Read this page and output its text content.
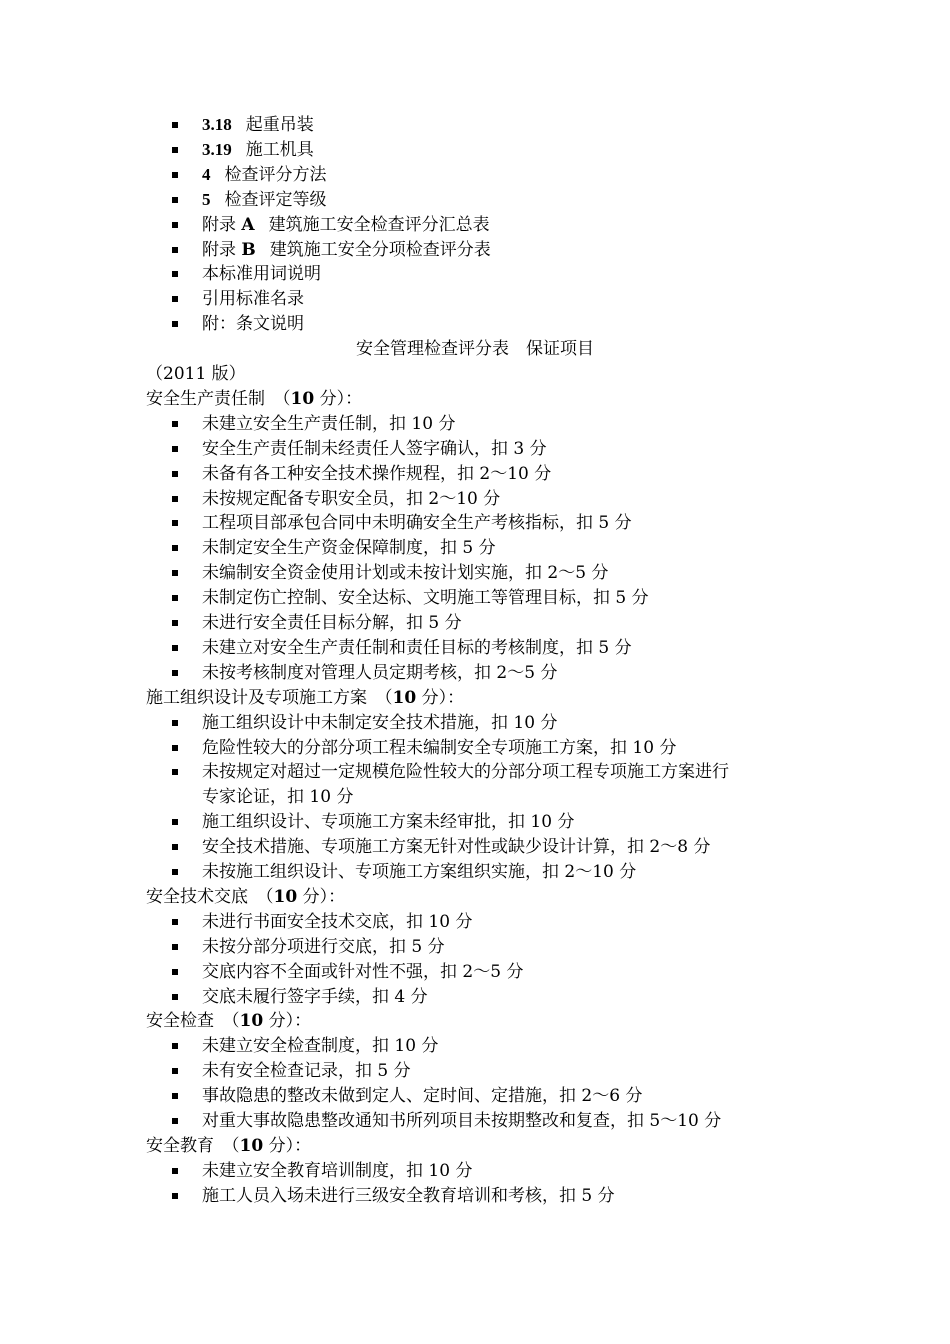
3.18 起重吊装
3.19 施工机具
4 检查评分方法
5 检查评定等级
附录 A 建筑施工安全检查评分汇总表
附录 B 建筑施工安全分项检查评分表
本标准用词说明
引用标准名录
附：条文说明
安全管理检查评分表　保证项目
（2011 版）
安全生产责任制　（10 分）：
未建立安全生产责任制，扣 10 分
安全生产责任制未经责任人签字确认，扣 3 分
未备有各工种安全技术操作规程，扣 2～10 分
未按规定配备专职安全员，扣 2～10 分
工程项目部承包合同中未明确安全生产考核指标，扣 5 分
未制定安全生产资金保障制度，扣 5 分
未编制安全资金使用计划或未按计划实施，扣 2～5 分
未制定伤亡控制、安全达标、文明施工等管理目标，扣 5 分
未进行安全责任目标分解，扣 5 分
未建立对安全生产责任制和责任目标的考核制度，扣 5 分
未按考核制度对管理人员定期考核，扣 2～5 分
施工组织设计及专项施工方案　（10 分）：
施工组织设计中未制定安全技术措施，扣 10 分
危险性较大的分部分项工程未编制安全专项施工方案，扣 10 分
未按规定对超过一定规模危险性较大的分部分项工程专项施工方案进行
专家论证，扣 10 分
施工组织设计、专项施工方案未经审批，扣 10 分
安全技术措施、专项施工方案无针对性或缺少设计计算，扣 2～8 分
未按施工组织设计、专项施工方案组织实施，扣 2～10 分
安全技术交底　（10 分）：
未进行书面安全技术交底，扣 10 分
未按分部分项进行交底，扣 5 分
交底内容不全面或针对性不强，扣 2～5 分
交底未履行签字手续，扣 4 分
安全检查　（10 分）：
未建立安全检查制度，扣 10 分
未有安全检查记录，扣 5 分
事故隐患的整改未做到定人、定时间、定措施，扣 2～6 分
对重大事故隐患整改通知书所列项目未按期整改和复查，扣 5～10 分
安全教育　（10 分）：
未建立安全教育培训制度，扣 10 分
施工人员入场未进行三级安全教育培训和考核，扣 5 分
